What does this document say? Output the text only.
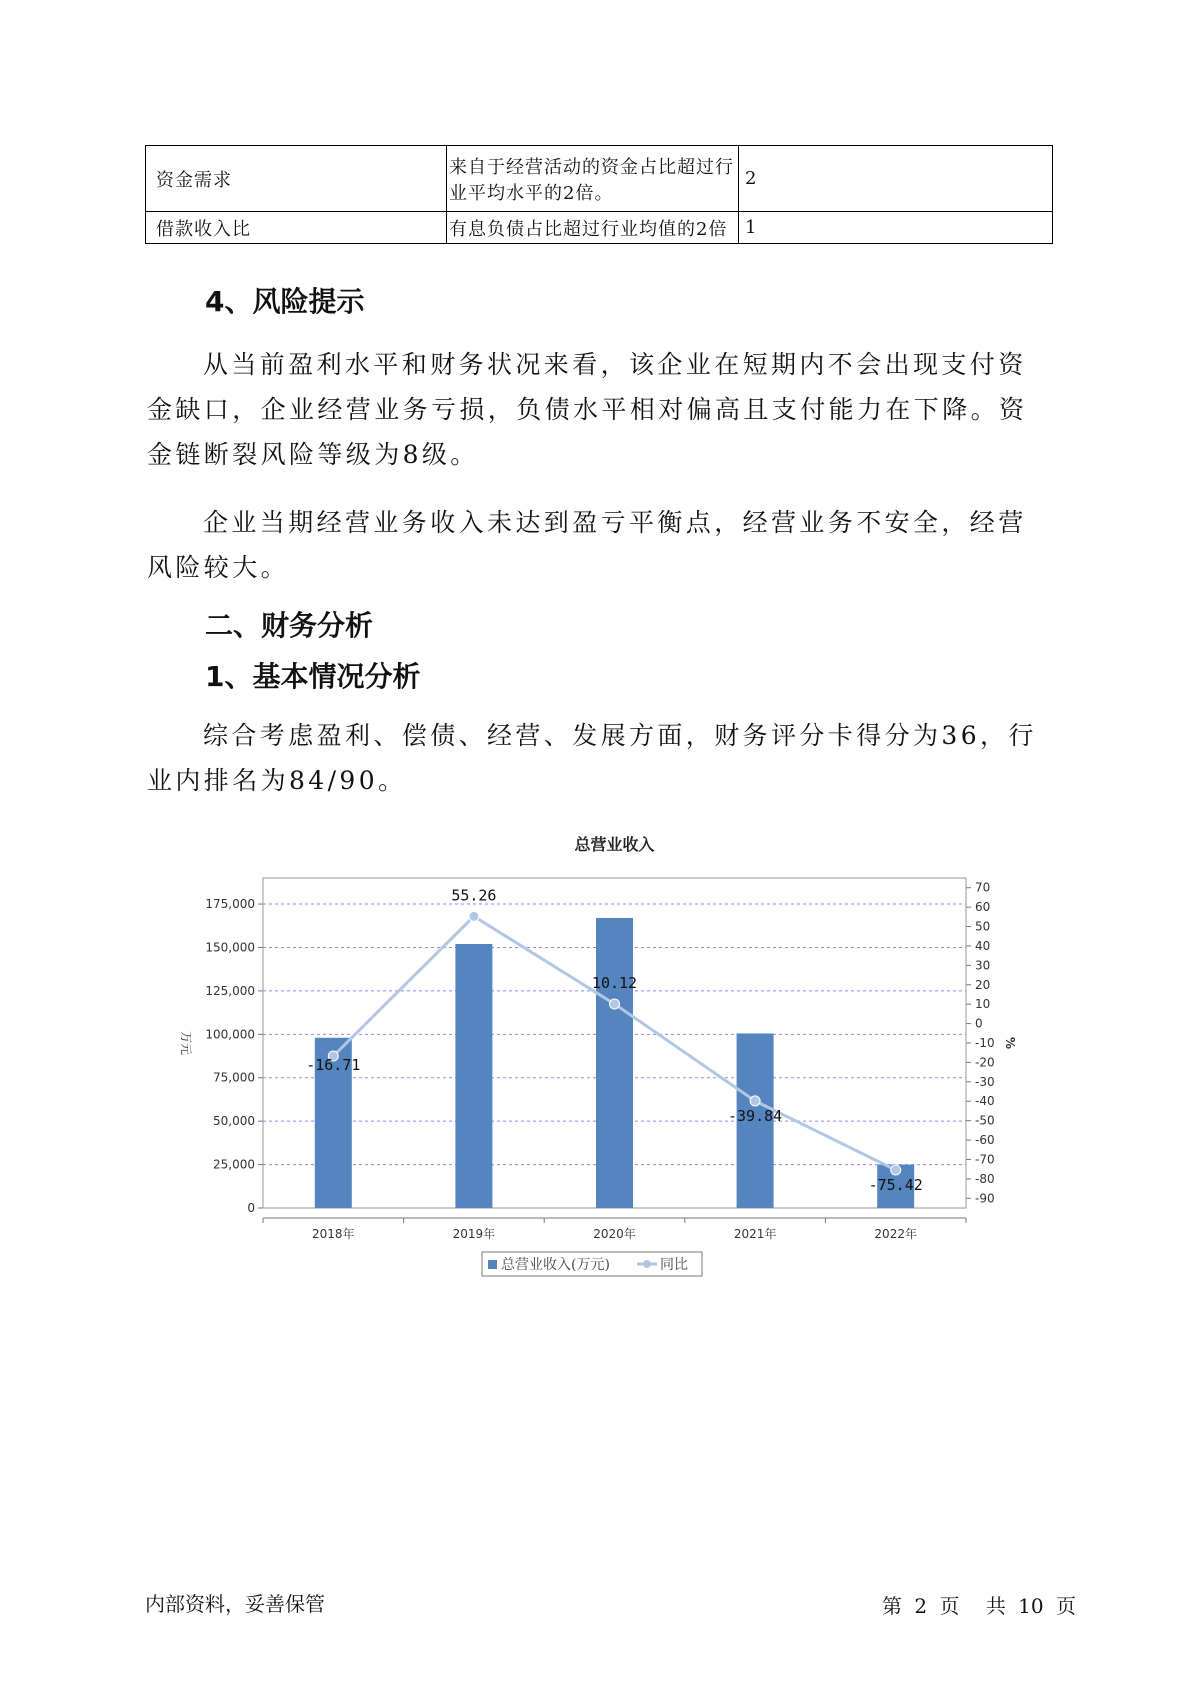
资金需求	来自于经营活动的资金占比超过行业平均水平的2倍。	2
借款收入比	有息负债占比超过行业均值的2倍	1
4、风险提示

从当前盈利水平和财务状况来看，该企业在短期内不会出现支付资金缺口，企业经营业务亏损，负债水平相对偏高且支付能力在下降。资金链断裂风险等级为8级。

企业当期经营业务收入未达到盈亏平衡点，经营业务不安全，经营风险较大。

二、财务分析
1、基本情况分析

综合考虑盈利、偿债、经营、发展方面，财务评分卡得分为36，行业内排名为84/90。

总营业收入
0
25,000
50,000
75,000
100,000
125,000
150,000
175,000
70
60
50
40
30
20
10
0
-10
-20
-30
-40
-50
-60
-70
-80
-90
万元	%
2018年	2019年	2020年	2021年	2022年
-16.71
55.26
10.12
-39.84
-75.42
总营业收入(万元)	同比
内部资料，妥善保管	第 2 页 共 10 页
